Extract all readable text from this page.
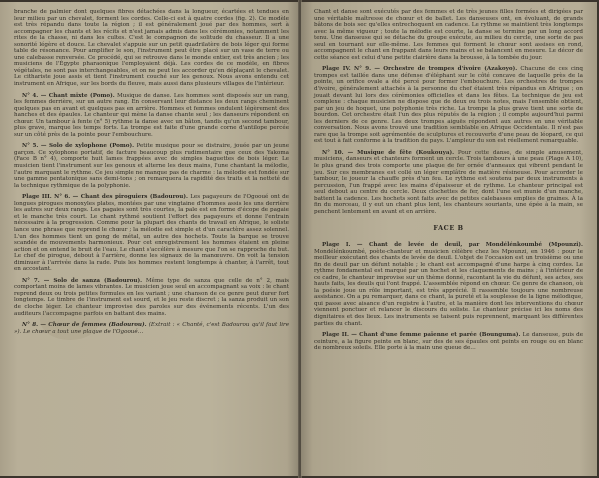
branche de palmier dont quelques fibres détachées dans la longueur, écartées et tendues en leur milieu par un chevalet, forment les cordes. Celle-ci est à quatre cordes (fig. 2). Ce modèle est très répandu dans toute la région ; il est généralement joué par des hommes, sert à accompagner les chants et les récits et n'est jamais admis dans les cérémonies, notamment les rites de la chasse, ni dans les cultes. C'est le compagnon de solitude du chasseur. Il a une sonorité légère et douce. Le chevalet s'appuie sur un petit quadrilatère de bois léger qui forme table de résonance. Pour amplifier le son, l'instrument peut être placé sur un vase de terre ou une calebasse renversée. Ce procédé, qui se retrouve dans le monde entier, est très ancien ; les musiciens de l'Égypte pharaonique l'employaient déjà. Les cordes de ce modèle, en fibres végétales, ne sont pas interchangeables, et on ne peut les accorder qu'en déplaçant le chevalet. Le cithariste joue assis et tient l'instrument couché sur les genoux. Nous avons entendu cet instrument en Afrique, sur les bords du fleuve, mais aussi dans plusieurs villages de l'intérieur.

N° 4. — Chant mixte (Pomo). Musique de danse. Les hommes sont disposés sur un rang, les femmes derrière, sur un autre rang. En conservant leur distance les deux rangs cheminent quelques pas en avant et quelques pas en arrière. Hommes et femmes ondulent légèrement des hanches et des épaules. Le chanteur qui mène la danse chante seul ; les danseurs répondent en chœur. Un tambour à fente (n° 5) rythme la danse avec un bâton, tandis qu'un second tambour, plus grave, marque les temps forts. La trompe est faite d'une grande corne d'antilope percée sur un côté près de la pointe pour l'embouchure.

N° 5. — Solo de xylophone (Pomo). Petite musique pour se distraire, jouée par un jeune garçon. Ce xylophone portatif, de facture beaucoup plus rudimentaire que ceux des Yakoma (Face B n° 4), comporte huit lames frappées avec de simples baguettes de bois léger. Le musicien tient l'instrument sur les genoux et alterne les deux mains, l'une chantant la mélodie, l'autre marquant le rythme. Ce jeu simple ne manque pas de charme : la mélodie est fondée sur une gamme pentatonique sans demi-tons ; on remarquera la rapidité des traits et la netteté de la technique rythmique de la polyphonie.

Plage III. N° 6. — Chant des piroguiers (Badourou). Les pagayeurs de l'Ogooué ont de longues pirogues monoxyles plates, montées par une vingtaine d'hommes assis les uns derrière les autres sur deux rangs. Les pagaies sont très courtes, la pale est en forme d'écope de pagaie et le manche très court. Le chant rythmé soutient l'effort des pagayeurs et donne l'entrain nécessaire à la progression. Comme pour la plupart des chants de travail en Afrique, le soliste lance une phrase que reprend le chœur ; la mélodie est simple et d'un caractère assez solennel. L'un des hommes tient un gong de métal, un autre des hochets. Toute la barque se trouve scandée de mouvements harmonieux. Pour cet enregistrement les hommes étaient en pleine action et on entend le bruit de l'eau. Le chant s'accélère à mesure que l'on se rapproche du but. Le chef de pirogue, debout à l'arrière, donne les signaux de la manœuvre. On voit la tension diminuer à l'arrivée dans la rade. Puis les hommes restent longtemps à chanter, à l'arrêt, tout en accostant.

N° 7. — Solo de sanza (Badourou). Même type de sanza que celle de n° 2, mais comportant moins de lames vibrantes. Le musicien joue seul en accompagnant sa voix : le chant reprend deux ou trois petites formules en les variant ; une chanson de ce genre peut durer fort longtemps. Le timbre de l'instrument est sourd, et le jeu reste discret ; la sanza produit un son de cloche léger. Le chanteur improvise des paroles sur des événements récents. L'un des auditeurs l'accompagne parfois en battant des mains.

N° 8. — Chœur de femmes (Badourou). (Extrait : « Chanté, c'est Badourou qu'il faut lire »). Le chœur a tout une plaque de l'Ogooué…

Chant et danse sont exécutés par des femmes et de très jeunes filles formées et dirigées par une véritable maîtresse de chœur et de ballet. Les danseuses ont, en évoluant, de grands bâtons de bois sec qu'elles entrechoquent en cadence. Le rythme se maintient très longtemps avec la même vigueur ; toute la mélodie est courte, la danse se termine par un long accord tenu. Une danseuse qui se détache du groupe exécute, au milieu du cercle, une sorte de pas seul en tournant sur elle-même. Les femmes qui forment le chœur sont assises en rond, accompagnent le chant en frappant dans leurs mains et se balancent en mesure. Le décor de cette séance est celui d'une petite clairière dans la brousse, à la tombée du jour.

Plage IV. N° 9. — Orchestre de trompes d'ivoire (Azakoyo). Chacune de ces cinq trompes est taillée dans une défense d'éléphant sur le côté concave de laquelle près de la pointe, un orifice ovale a été percé pour former l'embouchure. Les orchestres de trompes d'ivoire, généralement attachés à la personne du chef étaient très répandus en Afrique ; on jouait devant lui lors des cérémonies officielles et dans les fêtes. La technique de jeu est complexe : chaque musicien ne dispose que de deux ou trois notes, mais l'ensemble obtient, par un jeu de hoquet, une polyphonie très riche. La trompe la plus grave tient une sorte de bourdon. Cet orchestre était l'un des plus réputés de la région ; il compte aujourd'hui parmi les derniers de ce genre. Les deux trompes aiguës répondent aux autres en une véritable conversation. Nous avons trouvé une tradition semblable en Afrique Occidentale. Il n'est pas rare que la trompe soit agrémentée de sculptures et recouverte d'une peau de léopard, ce qui est tout à fait conforme à la tradition du pays. L'ampleur du son est réellement remarquable.

N° 10. — Musique de fête (Koukouya). Pour cette danse, de simple amusement, musiciens, danseurs et chanteurs forment un cercle. Trois tambours à une peau (Plage A 10), le plus grand des trois comporte une plaque de fer ornée d'anneaux qui vibrent pendant le jeu. Sur ces membranes est collé un léger emplâtre de matière résineuse. Pour accorder le tambour, le joueur la chauffe près d'un feu. Le rythme est soutenu par deux instruments à percussion, l'un frappé avec les mains d'épaisseur et de rythme. Le chanteur principal est seul debout au centre du cercle. Deux clochettes de fer, dont l'une est munie d'un manche, battent la cadence. Les hochets sont faits avec de petites calebasses emplies de graines. À la fin du morceau, il y eut un chant plus lent, les chanteurs souriants, une épée à la main, se penchent lentement en avant et en arrière.

FACE B

Plage I. — Chant de levée de deuil, par Mondélénkoumbé (Mpounzi). Mondélénkoumbé, poète-chanteur et musicien célèbre chez les Mpounzi, en 1946 : pour le meilleur exécutant des chants de levée de deuil. L'objet de l'occasion est un troisième ou une fin de deuil par un défunt notable ; le chant est accompagné d'une harpe à cinq cordes. Le rythme fondamental est marqué par un hochet et les claquements de mains ; à l'intérieur de ce cadre, le chanteur improvise sur un thème donné, racontant la vie du défunt, ses actes, ses hauts faits, les deuils qui l'ont frappé. L'assemblée répond en chœur. Ce genre de chanson, où la poésie joue un rôle important, est très apprécié. Il rassemble toujours une nombreuse assistance. On a pu remarquer, dans ce chant, la pureté et la souplesse de la ligne mélodique, qui passe avec aisance d'un registre à l'autre, et la manière dont les interventions du chœur viennent ponctuer et relancer le discours du soliste. Le chanteur précise ici les noms des dignitaires et des lieux. Les instruments se taisent puis reprennent, marquant les différentes parties du chant.

Plage II. — Chant d'une femme païenne et parée (Bounguma). Le danseuse, puis de ceinture, a la figure peinte en blanc, sur des de ses épaules ont peints en rouge ou en blanc de nombreux soleils. Elle porte à la main une queue de…
